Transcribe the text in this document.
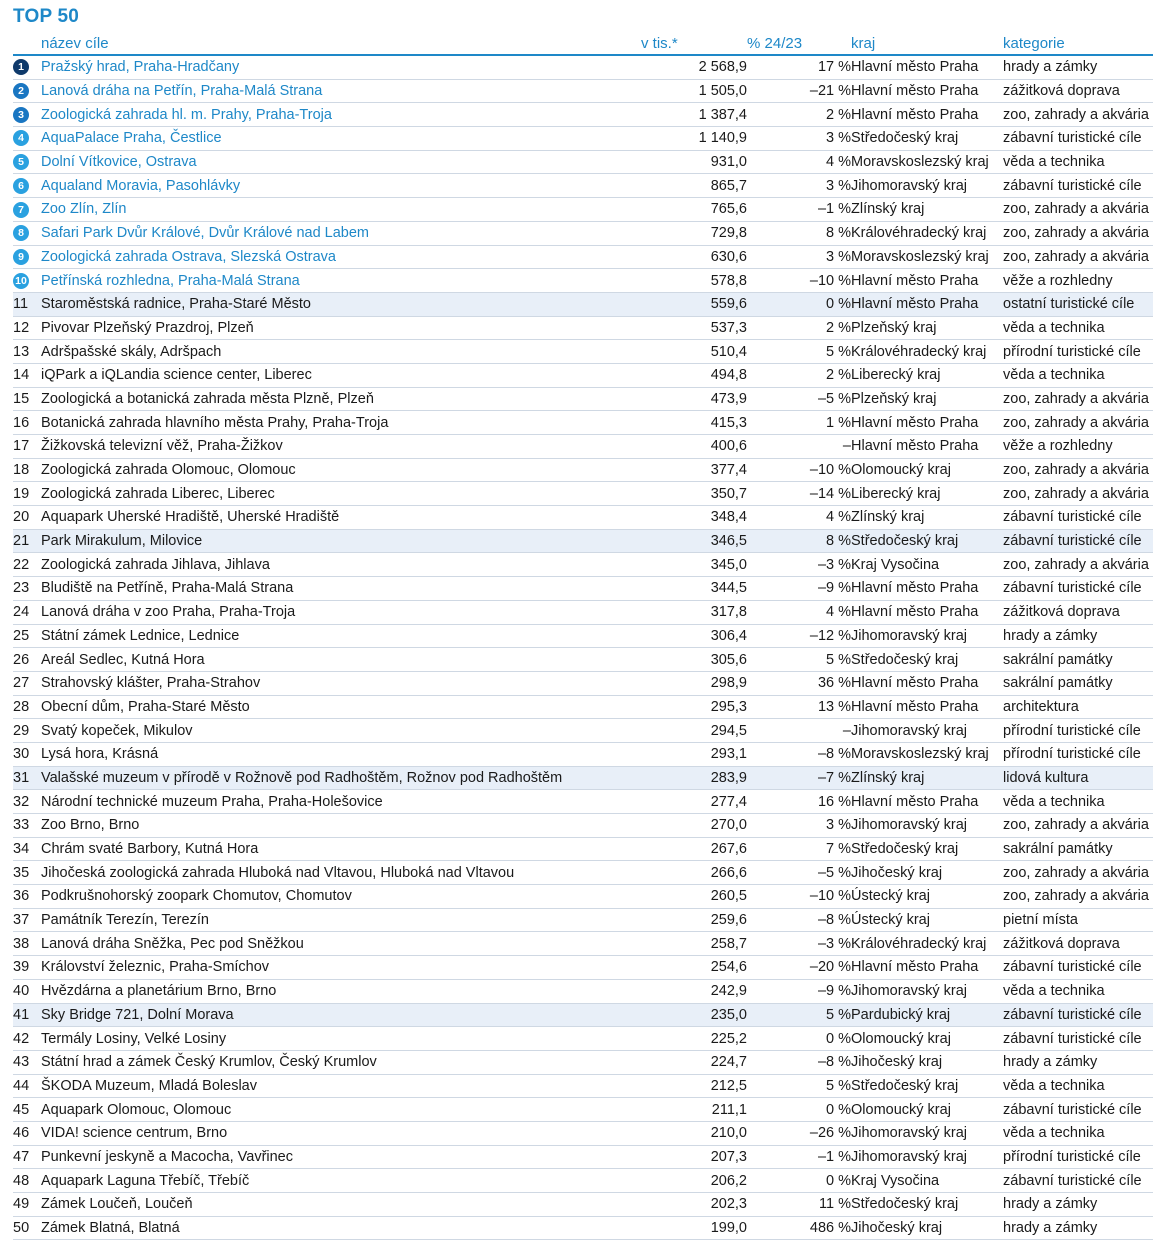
TOP 50
	název cíle	v tis.*	% 24/23	kraj	kategorie
1	Pražský hrad, Praha-Hradčany	2 568,9	17 %	Hlavní město Praha	hrady a zámky
2	Lanová dráha na Petřín, Praha-Malá Strana	1 505,0	–21 %	Hlavní město Praha	zážitková doprava
3	Zoologická zahrada hl. m. Prahy, Praha-Troja	1 387,4	2 %	Hlavní město Praha	zoo, zahrady a akvária
4	AquaPalace Praha, Čestlice	1 140,9	3 %	Středočeský kraj	zábavní turistické cíle
5	Dolní Vítkovice, Ostrava	931,0	4 %	Moravskoslezský kraj	věda a technika
6	Aqualand Moravia, Pasohlávky	865,7	3 %	Jihomoravský kraj	zábavní turistické cíle
7	Zoo Zlín, Zlín	765,6	–1 %	Zlínský kraj	zoo, zahrady a akvária
8	Safari Park Dvůr Králové, Dvůr Králové nad Labem	729,8	8 %	Královéhradecký kraj	zoo, zahrady a akvária
9	Zoologická zahrada Ostrava, Slezská Ostrava	630,6	3 %	Moravskoslezský kraj	zoo, zahrady a akvária
10	Petřínská rozhledna, Praha-Malá Strana	578,8	–10 %	Hlavní město Praha	věže a rozhledny
11	Staroměstská radnice, Praha-Staré Město	559,6	0 %	Hlavní město Praha	ostatní turistické cíle
12	Pivovar Plzeňský Prazdroj, Plzeň	537,3	2 %	Plzeňský kraj	věda a technika
13	Adršpašské skály, Adršpach	510,4	5 %	Královéhradecký kraj	přírodní turistické cíle
14	iQPark a iQLandia science center, Liberec	494,8	2 %	Liberecký kraj	věda a technika
15	Zoologická a botanická zahrada města Plzně, Plzeň	473,9	–5 %	Plzeňský kraj	zoo, zahrady a akvária
16	Botanická zahrada hlavního města Prahy, Praha-Troja	415,3	1 %	Hlavní město Praha	zoo, zahrady a akvária
17	Žižkovská televizní věž, Praha-Žižkov	400,6	–	Hlavní město Praha	věže a rozhledny
18	Zoologická zahrada Olomouc, Olomouc	377,4	–10 %	Olomoucký kraj	zoo, zahrady a akvária
19	Zoologická zahrada Liberec, Liberec	350,7	–14 %	Liberecký kraj	zoo, zahrady a akvária
20	Aquapark Uherské Hradiště, Uherské Hradiště	348,4	4 %	Zlínský kraj	zábavní turistické cíle
21	Park Mirakulum, Milovice	346,5	8 %	Středočeský kraj	zábavní turistické cíle
22	Zoologická zahrada Jihlava, Jihlava	345,0	–3 %	Kraj Vysočina	zoo, zahrady a akvária
23	Bludiště na Petříně, Praha-Malá Strana	344,5	–9 %	Hlavní město Praha	zábavní turistické cíle
24	Lanová dráha v zoo Praha, Praha-Troja	317,8	4 %	Hlavní město Praha	zážitková doprava
25	Státní zámek Lednice, Lednice	306,4	–12 %	Jihomoravský kraj	hrady a zámky
26	Areál Sedlec, Kutná Hora	305,6	5 %	Středočeský kraj	sakrální památky
27	Strahovský klášter, Praha-Strahov	298,9	36 %	Hlavní město Praha	sakrální památky
28	Obecní dům, Praha-Staré Město	295,3	13 %	Hlavní město Praha	architektura
29	Svatý kopeček, Mikulov	294,5	–	Jihomoravský kraj	přírodní turistické cíle
30	Lysá hora, Krásná	293,1	–8 %	Moravskoslezský kraj	přírodní turistické cíle
31	Valašské muzeum v přírodě v Rožnově pod Radhoštěm, Rožnov pod Radhoštěm	283,9	–7 %	Zlínský kraj	lidová kultura
32	Národní technické muzeum Praha, Praha-Holešovice	277,4	16 %	Hlavní město Praha	věda a technika
33	Zoo Brno, Brno	270,0	3 %	Jihomoravský kraj	zoo, zahrady a akvária
34	Chrám svaté Barbory, Kutná Hora	267,6	7 %	Středočeský kraj	sakrální památky
35	Jihočeská zoologická zahrada Hluboká nad Vltavou, Hluboká nad Vltavou	266,6	–5 %	Jihočeský kraj	zoo, zahrady a akvária
36	Podkrušnohorský zoopark Chomutov, Chomutov	260,5	–10 %	Ústecký kraj	zoo, zahrady a akvária
37	Památník Terezín, Terezín	259,6	–8 %	Ústecký kraj	pietní místa
38	Lanová dráha Sněžka, Pec pod Sněžkou	258,7	–3 %	Královéhradecký kraj	zážitková doprava
39	Království železnic, Praha-Smíchov	254,6	–20 %	Hlavní město Praha	zábavní turistické cíle
40	Hvězdárna a planetárium Brno, Brno	242,9	–9 %	Jihomoravský kraj	věda a technika
41	Sky Bridge 721, Dolní Morava	235,0	5 %	Pardubický kraj	zábavní turistické cíle
42	Termály Losiny, Velké Losiny	225,2	0 %	Olomoucký kraj	zábavní turistické cíle
43	Státní hrad a zámek Český Krumlov, Český Krumlov	224,7	–8 %	Jihočeský kraj	hrady a zámky
44	ŠKODA Muzeum, Mladá Boleslav	212,5	5 %	Středočeský kraj	věda a technika
45	Aquapark Olomouc, Olomouc	211,1	0 %	Olomoucký kraj	zábavní turistické cíle
46	VIDA! science centrum, Brno	210,0	–26 %	Jihomoravský kraj	věda a technika
47	Punkevní jeskyně a Macocha, Vavřinec	207,3	–1 %	Jihomoravský kraj	přírodní turistické cíle
48	Aquapark Laguna Třebíč, Třebíč	206,2	0 %	Kraj Vysočina	zábavní turistické cíle
49	Zámek Loučeň, Loučeň	202,3	11 %	Středočeský kraj	hrady a zámky
50	Zámek Blatná, Blatná	199,0	486 %	Jihočeský kraj	hrady a zámky
